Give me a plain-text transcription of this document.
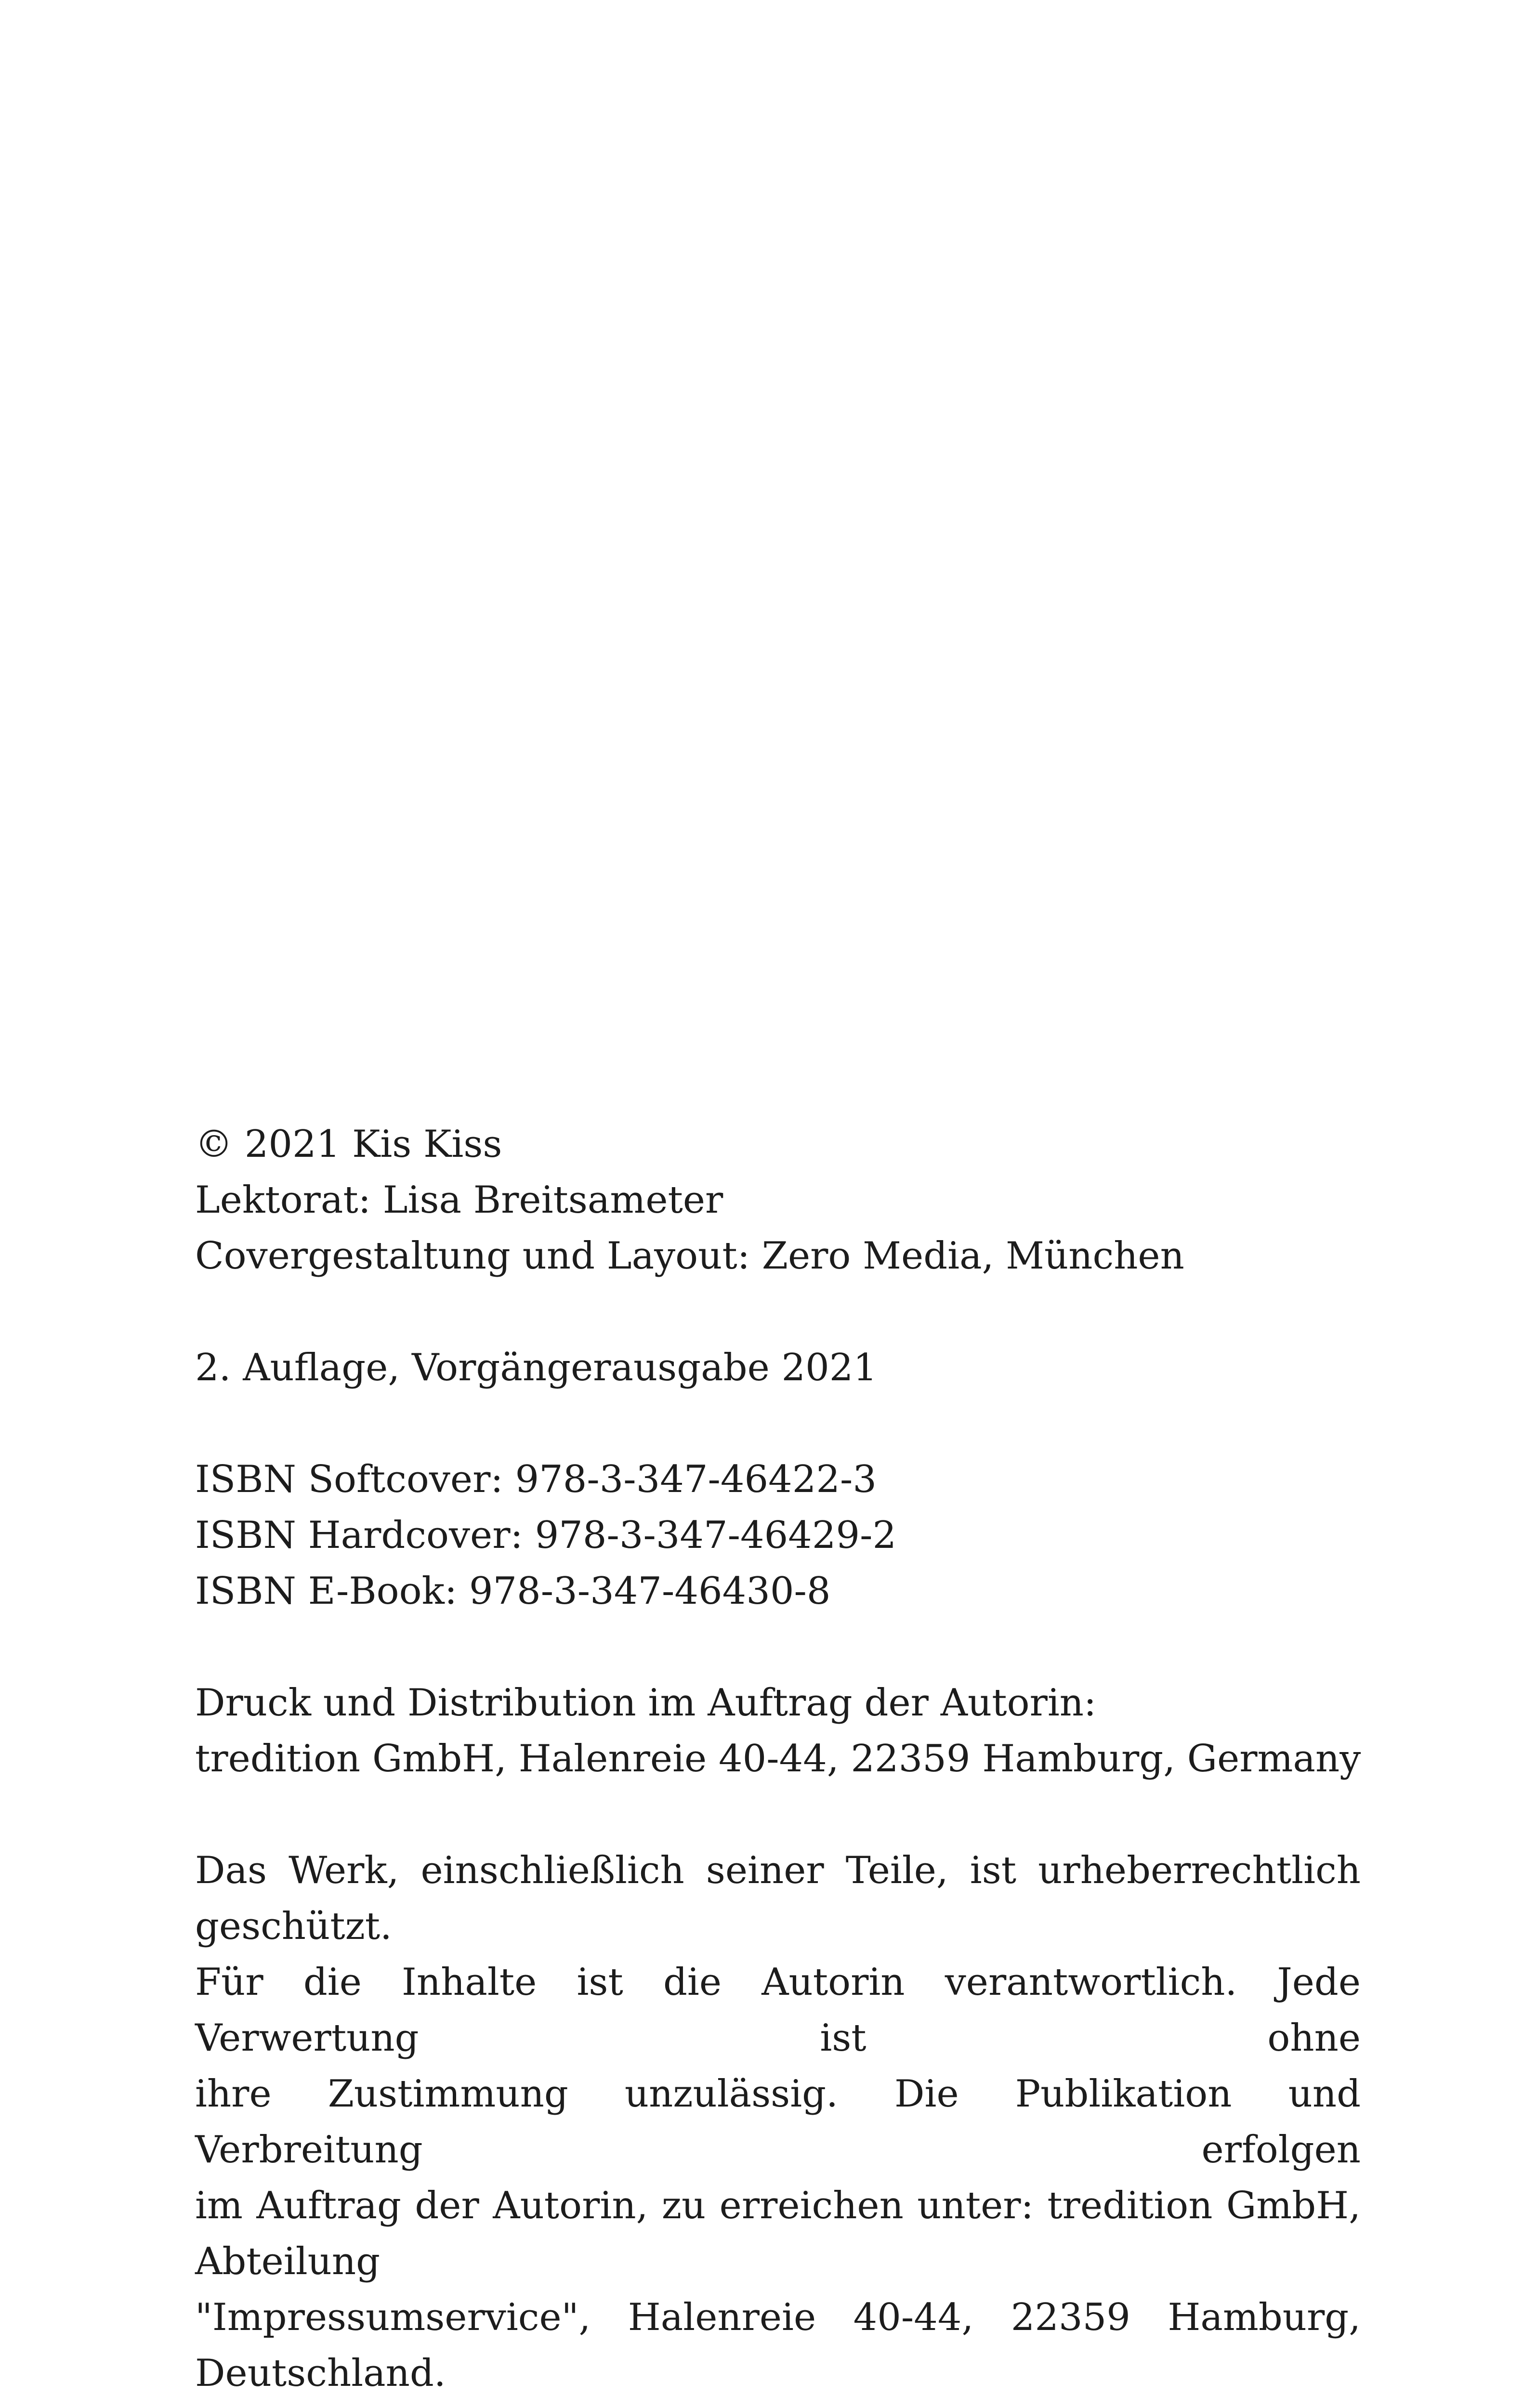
© 2021 Kis Kiss
Lektorat: Lisa Breitsameter
Covergestaltung und Layout: Zero Media, München
2. Auflage, Vorgängerausgabe 2021
ISBN Softcover: 978-3-347-46422-3
ISBN Hardcover: 978-3-347-46429-2
ISBN E-Book: 978-3-347-46430-8
Druck und Distribution im Auftrag der Autorin:
tredition GmbH, Halenreie 40-44, 22359 Hamburg, Germany
Das Werk, einschließlich seiner Teile, ist urheberrechtlich geschützt.
Für die Inhalte ist die Autorin verantwortlich. Jede Verwertung ist ohne
ihre Zustimmung unzulässig. Die Publikation und Verbreitung erfolgen
im Auftrag der Autorin, zu erreichen unter: tredition GmbH, Abteilung
"Impressumservice", Halenreie 40-44, 22359 Hamburg, Deutschland.
